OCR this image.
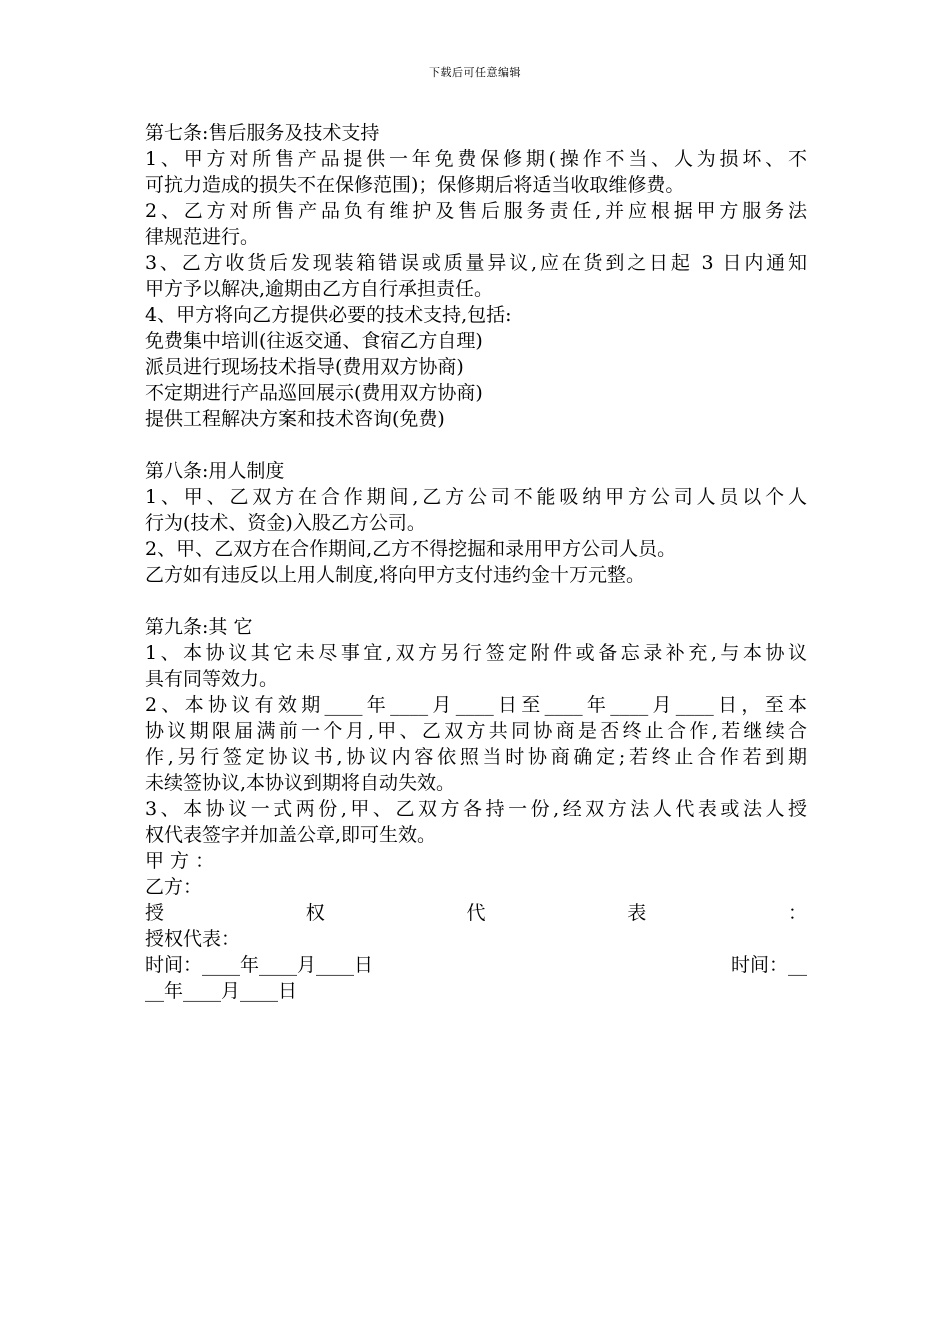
下载后可任意编辑
第七条:售后服务及技术支持
1、甲方对所售产品提供一年免费保修期(操作不当、人为损坏、不
可抗力造成的损失不在保修范围)；保修期后将适当收取维修费。
2、乙方对所售产品负有维护及售后服务责任,并应根据甲方服务法
律规范进行。
3、乙方收货后发现装箱错误或质量异议,应在货到之日起 3 日内通知
甲方予以解决,逾期由乙方自行承担责任。
4、甲方将向乙方提供必要的技术支持,包括:
免费集中培训(往返交通、食宿乙方自理)
派员进行现场技术指导(费用双方协商)
不定期进行产品巡回展示(费用双方协商)
提供工程解决方案和技术咨询(免费)
第八条:用人制度
1、甲、乙双方在合作期间,乙方公司不能吸纳甲方公司人员以个人
行为(技术、资金)入股乙方公司。
2、甲、乙双方在合作期间,乙方不得挖掘和录用甲方公司人员。
乙方如有违反以上用人制度,将向甲方支付违约金十万元整。
第九条:其 它
1、本协议其它未尽事宜,双方另行签定附件或备忘录补充,与本协议
具有同等效力。
2、本协议有效期____年____月____日至____年____月____日，至本
协议期限届满前一个月,甲、乙双方共同协商是否终止合作,若继续合
作,另行签定协议书,协议内容依照当时协商确定;若终止合作若到期
未续签协议,本协议到期将自动失效。
3、本协议一式两份,甲、乙双方各持一份,经双方法人代表或法人授
权代表签字并加盖公章,即可生效。
甲 方 ：
乙方：
授	权	代	表	：
授权代表：
时间：____年____月____日	时间：__
__年____月____日
